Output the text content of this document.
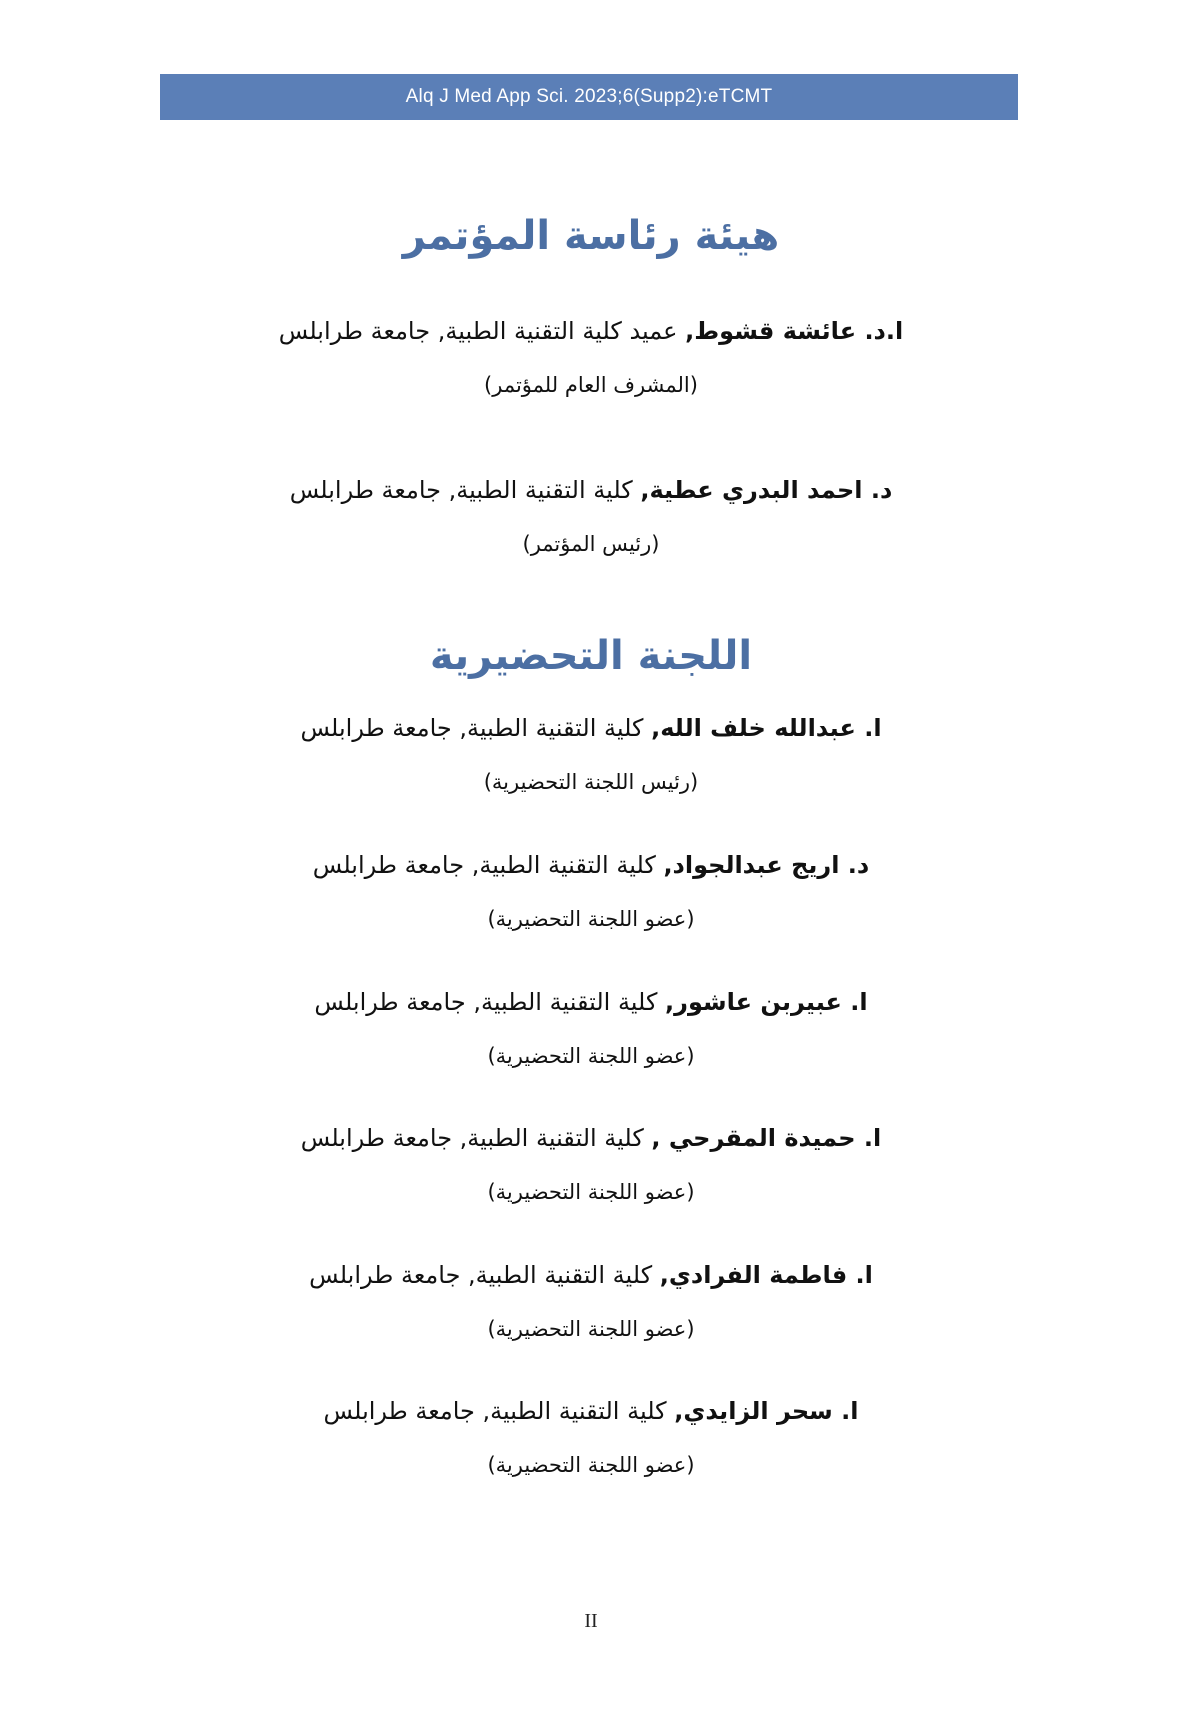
Alq J Med App Sci. 2023;6(Supp2):eTCMT
هيئة رئاسة المؤتمر
ا.د. عائشة قشوط, عميد كلية التقنية الطبية, جامعة طرابلس
(المشرف العام للمؤتمر)
د. احمد البدري عطية, كلية التقنية الطبية, جامعة طرابلس
(رئيس المؤتمر)
اللجنة التحضيرية
ا. عبدالله خلف الله, كلية التقنية الطبية, جامعة طرابلس
(رئيس اللجنة التحضيرية)
د. اريج عبدالجواد, كلية التقنية الطبية, جامعة طرابلس
(عضو اللجنة التحضيرية)
ا. عبيربن عاشور, كلية التقنية الطبية, جامعة طرابلس
(عضو اللجنة التحضيرية)
ا. حميدة المقرحي , كلية التقنية الطبية, جامعة طرابلس
(عضو اللجنة التحضيرية)
ا. فاطمة الفرادي, كلية التقنية الطبية, جامعة طرابلس
(عضو اللجنة التحضيرية)
ا. سحر الزايدي, كلية التقنية الطبية, جامعة طرابلس
(عضو اللجنة التحضيرية)
II
